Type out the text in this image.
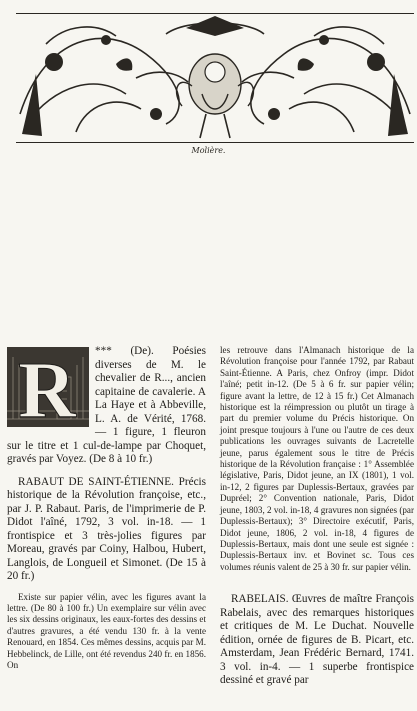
Molière.
R *** (De). Poésies diverses de M. le chevalier de R..., ancien capitaine de cavalerie. A La Haye et à Abbeville, L. A. de Vérité, 1768. — 1 figure, 1 fleuron sur le titre et 1 cul-de-lampe par Choquet, gravés par Voyez. (De 8 à 10 fr.)

RABAUT DE SAINT-ÉTIENNE. Précis historique de la Révolution françoise, etc., par J. P. Rabaut. Paris, de l'imprimerie de P. Didot l'aîné, 1792, 3 vol. in-18. — 1 frontispice et 3 très-jolies figures par Moreau, gravés par Coiny, Halbou, Hubert, Langlois, de Longueil et Simonet. (De 15 à 20 fr.)

Existe sur papier vélin, avec les figures avant la lettre. (De 80 à 100 fr.) Un exemplaire sur vélin avec les six dessins originaux, les eaux-fortes des dessins et d'autres gravures, a été vendu 130 fr. à la vente Renouard, en 1854. Ces mêmes dessins, acquis par M. Hebbelinck, de Lille, ont été revendus 240 fr. en 1856. On

les retrouve dans l'Almanach historique de la Révolution françoise pour l'année 1792, par Rabaut Saint-Étienne. A Paris, chez Onfroy (impr. Didot l'aîné; petit in-12. (De 5 à 6 fr. sur papier vélin; figure avant la lettre, de 12 à 15 fr.) Cet Almanach historique est la réimpression ou plutôt un tirage à part du premier volume du Précis historique. On joint presque toujours à l'une ou l'autre de ces deux publications les ouvrages suivants de Lacretelle jeune, parus également sous le titre de Précis historique de la Révolution française : 1° Assemblée législative, Paris, Didot jeune, an IX (1801), 1 vol. in-12, 2 figures par Duplessis-Bertaux, gravées par Dupréel; 2° Convention nationale, Paris, Didot jeune, 1803, 2 vol. in-18, 4 gravures non signées (par Duplessis-Bertaux); 3° Directoire exécutif, Paris, Didot jeune, 1806, 2 vol. in-18, 4 figures de Duplessis-Bertaux, mais dont une seule est signée : Duplessis-Bertaux inv. et Bovinet sc. Tous ces volumes réunis valent de 25 à 30 fr. sur papier vélin.

RABELAIS. Œuvres de maître François Rabelais, avec des remarques historiques et critiques de M. Le Duchat. Nouvelle édition, ornée de figures de B. Picart, etc. Amsterdam, Jean Frédéric Bernard, 1741. 3 vol. in-4. — 1 superbe frontispice dessiné et gravé par
